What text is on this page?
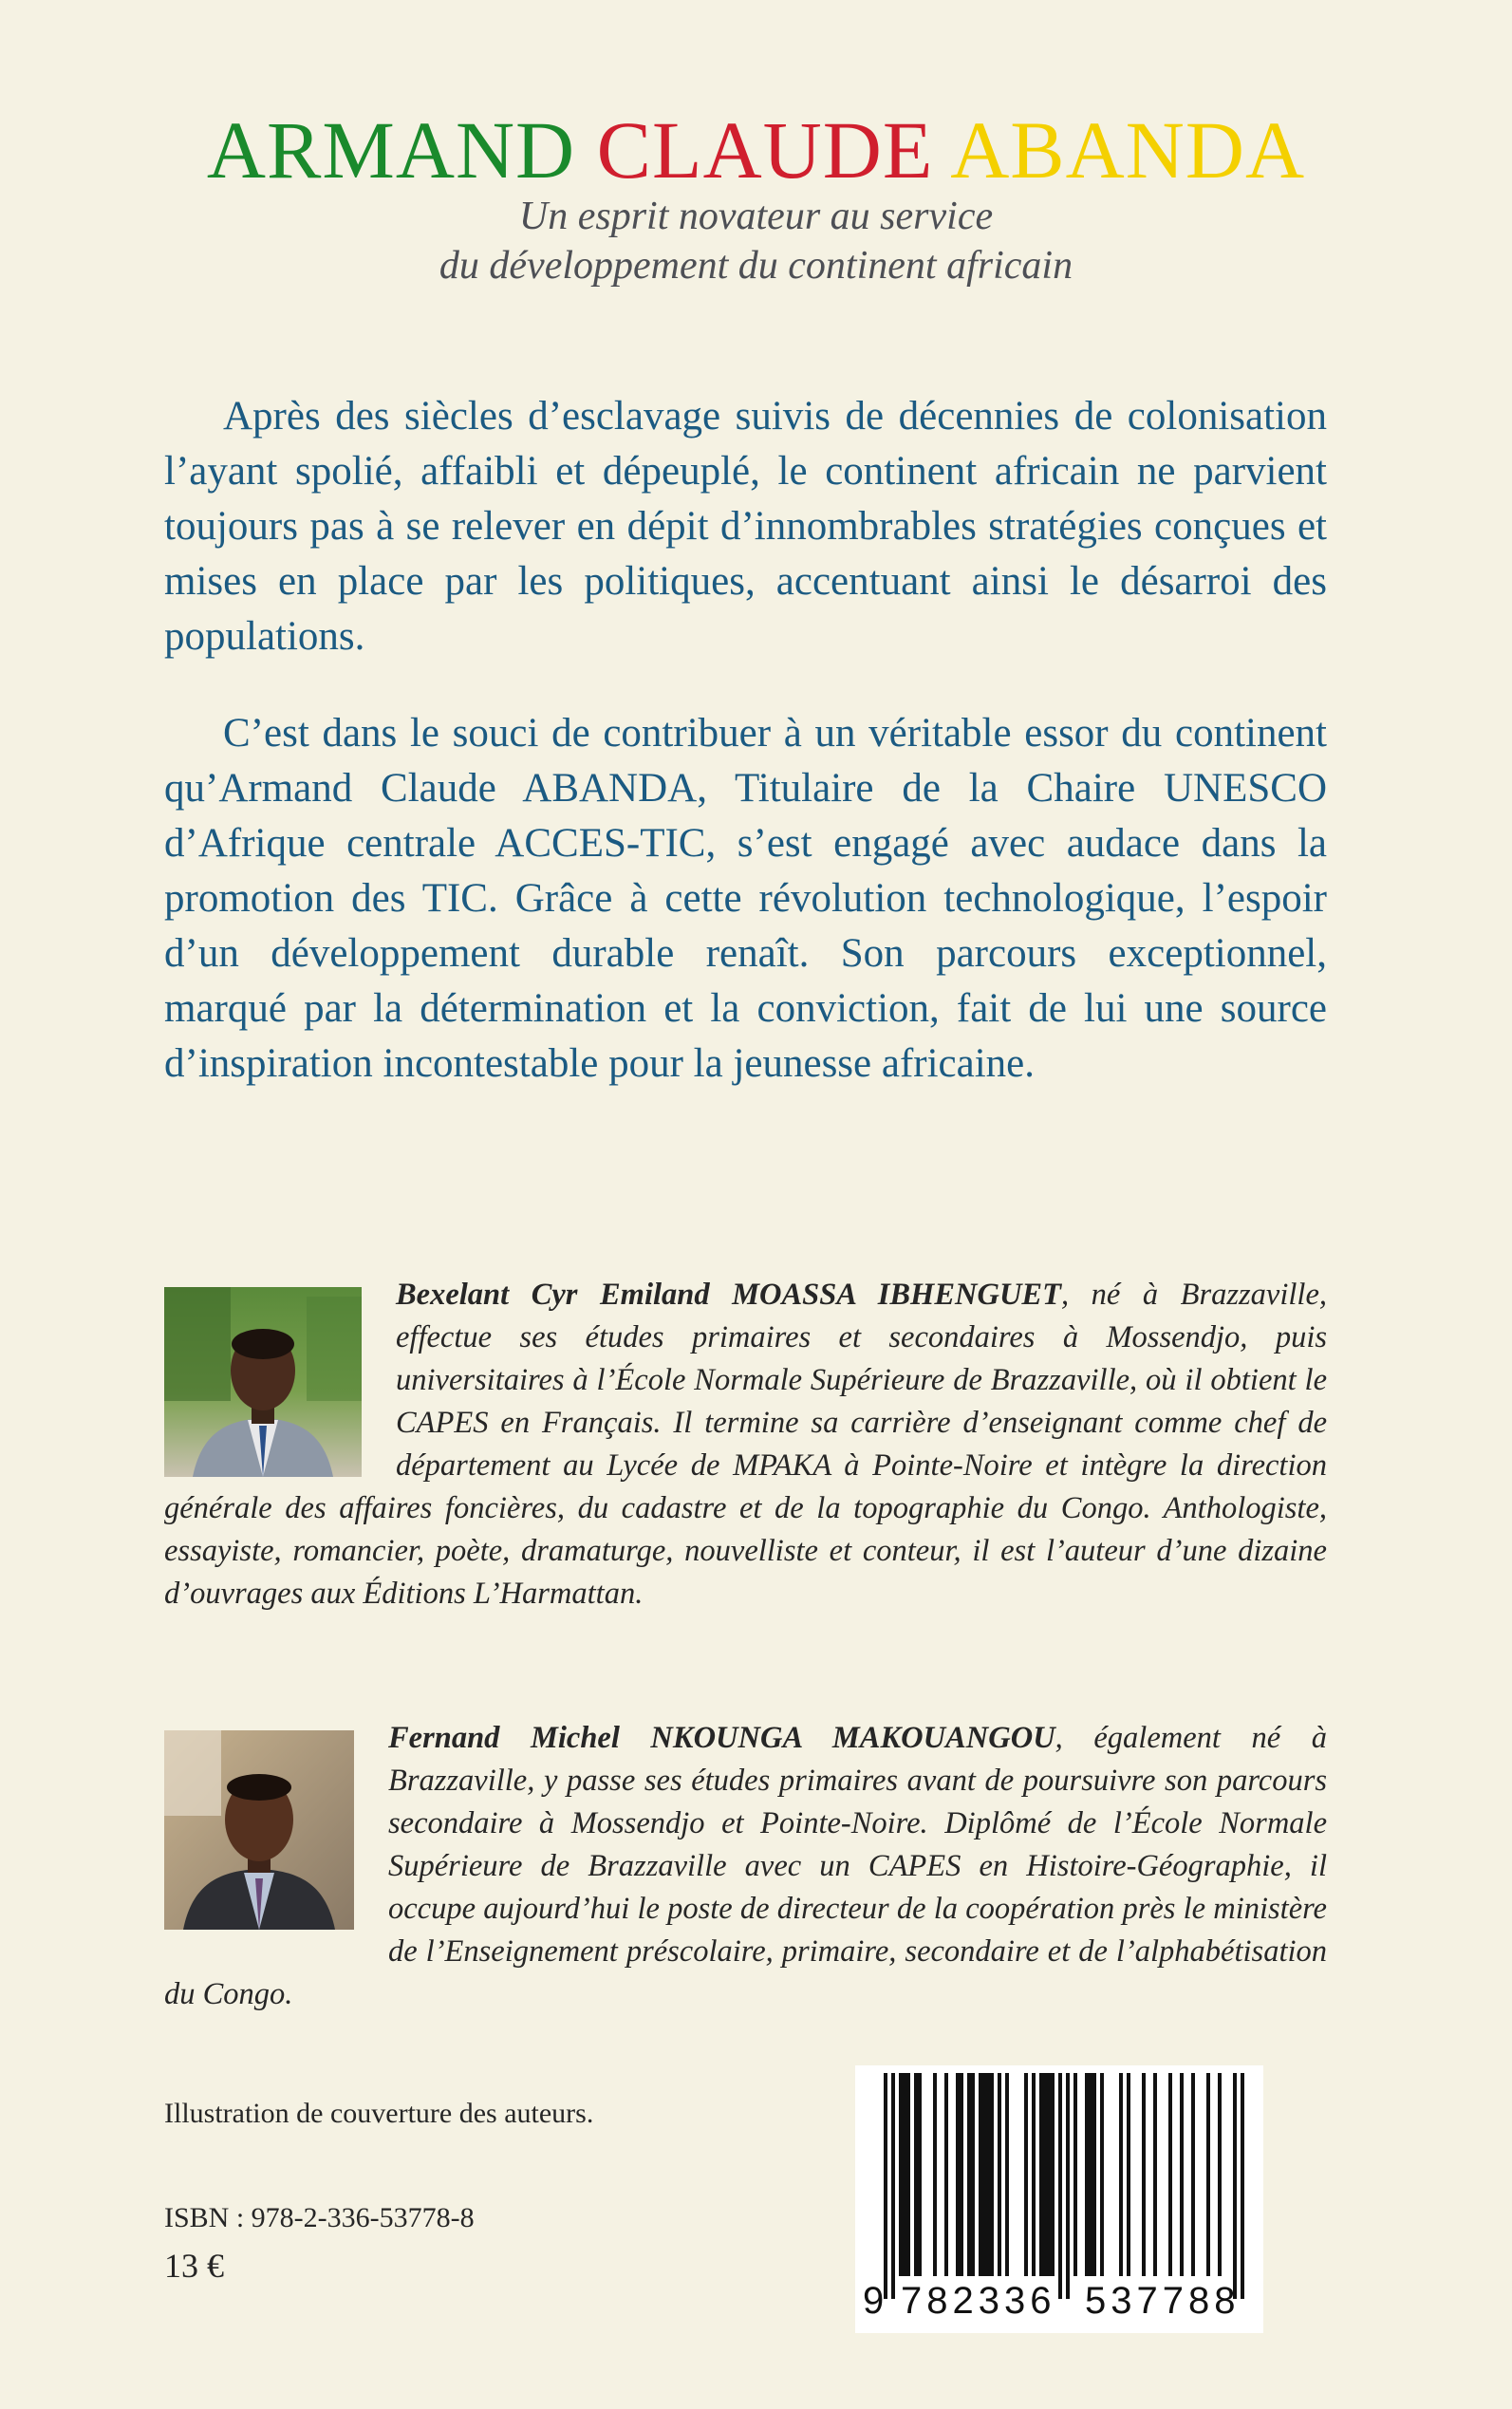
ARMAND CLAUDE ABANDA
Un esprit novateur au service
du développement du continent africain

Après des siècles d’esclavage suivis de décennies de colonisation l’ayant spolié, affaibli et dépeuplé, le continent africain ne parvient toujours pas à se relever en dépit d’innombrables stratégies conçues et mises en place par les politiques, accentuant ainsi le désarroi des populations.

C’est dans le souci de contribuer à un véritable essor du continent qu’Armand Claude ABANDA, Titulaire de la Chaire UNESCO d’Afrique centrale ACCES-TIC, s’est engagé avec audace dans la promotion des TIC. Grâce à cette révolution technologique, l’espoir d’un développement durable renaît. Son parcours exceptionnel, marqué par la détermination et la conviction, fait de lui une source d’inspiration incontestable pour la jeunesse africaine.

Bexelant Cyr Emiland MOASSA IBHENGUET, né à Brazzaville, effectue ses études primaires et secondaires à Mossendjo, puis universitaires à l’École Normale Supérieure de Brazzaville, où il obtient le CAPES en Français. Il termine sa carrière d’enseignant comme chef de département au Lycée de MPAKA à Pointe-Noire et intègre la direction générale des affaires foncières, du cadastre et de la topographie du Congo. Anthologiste, essayiste, romancier, poète, dramaturge, nouvelliste et conteur, il est l’auteur d’une dizaine d’ouvrages aux Éditions L’Harmattan.
Fernand Michel NKOUNGA MAKOUANGOU, également né à Brazzaville, y passe ses études primaires avant de poursuivre son parcours secondaire à Mossendjo et Pointe-Noire. Diplômé de l’École Normale Supérieure de Brazzaville avec un CAPES en Histoire-Géographie, il occupe aujourd’hui le poste de directeur de la coopération près le ministère de l’Enseignement préscolaire, primaire, secondaire et de l’alphabétisation du Congo.
Illustration de couverture des auteurs.
ISBN : 978-2-336-53778-8
13 €
9 782336 537788
